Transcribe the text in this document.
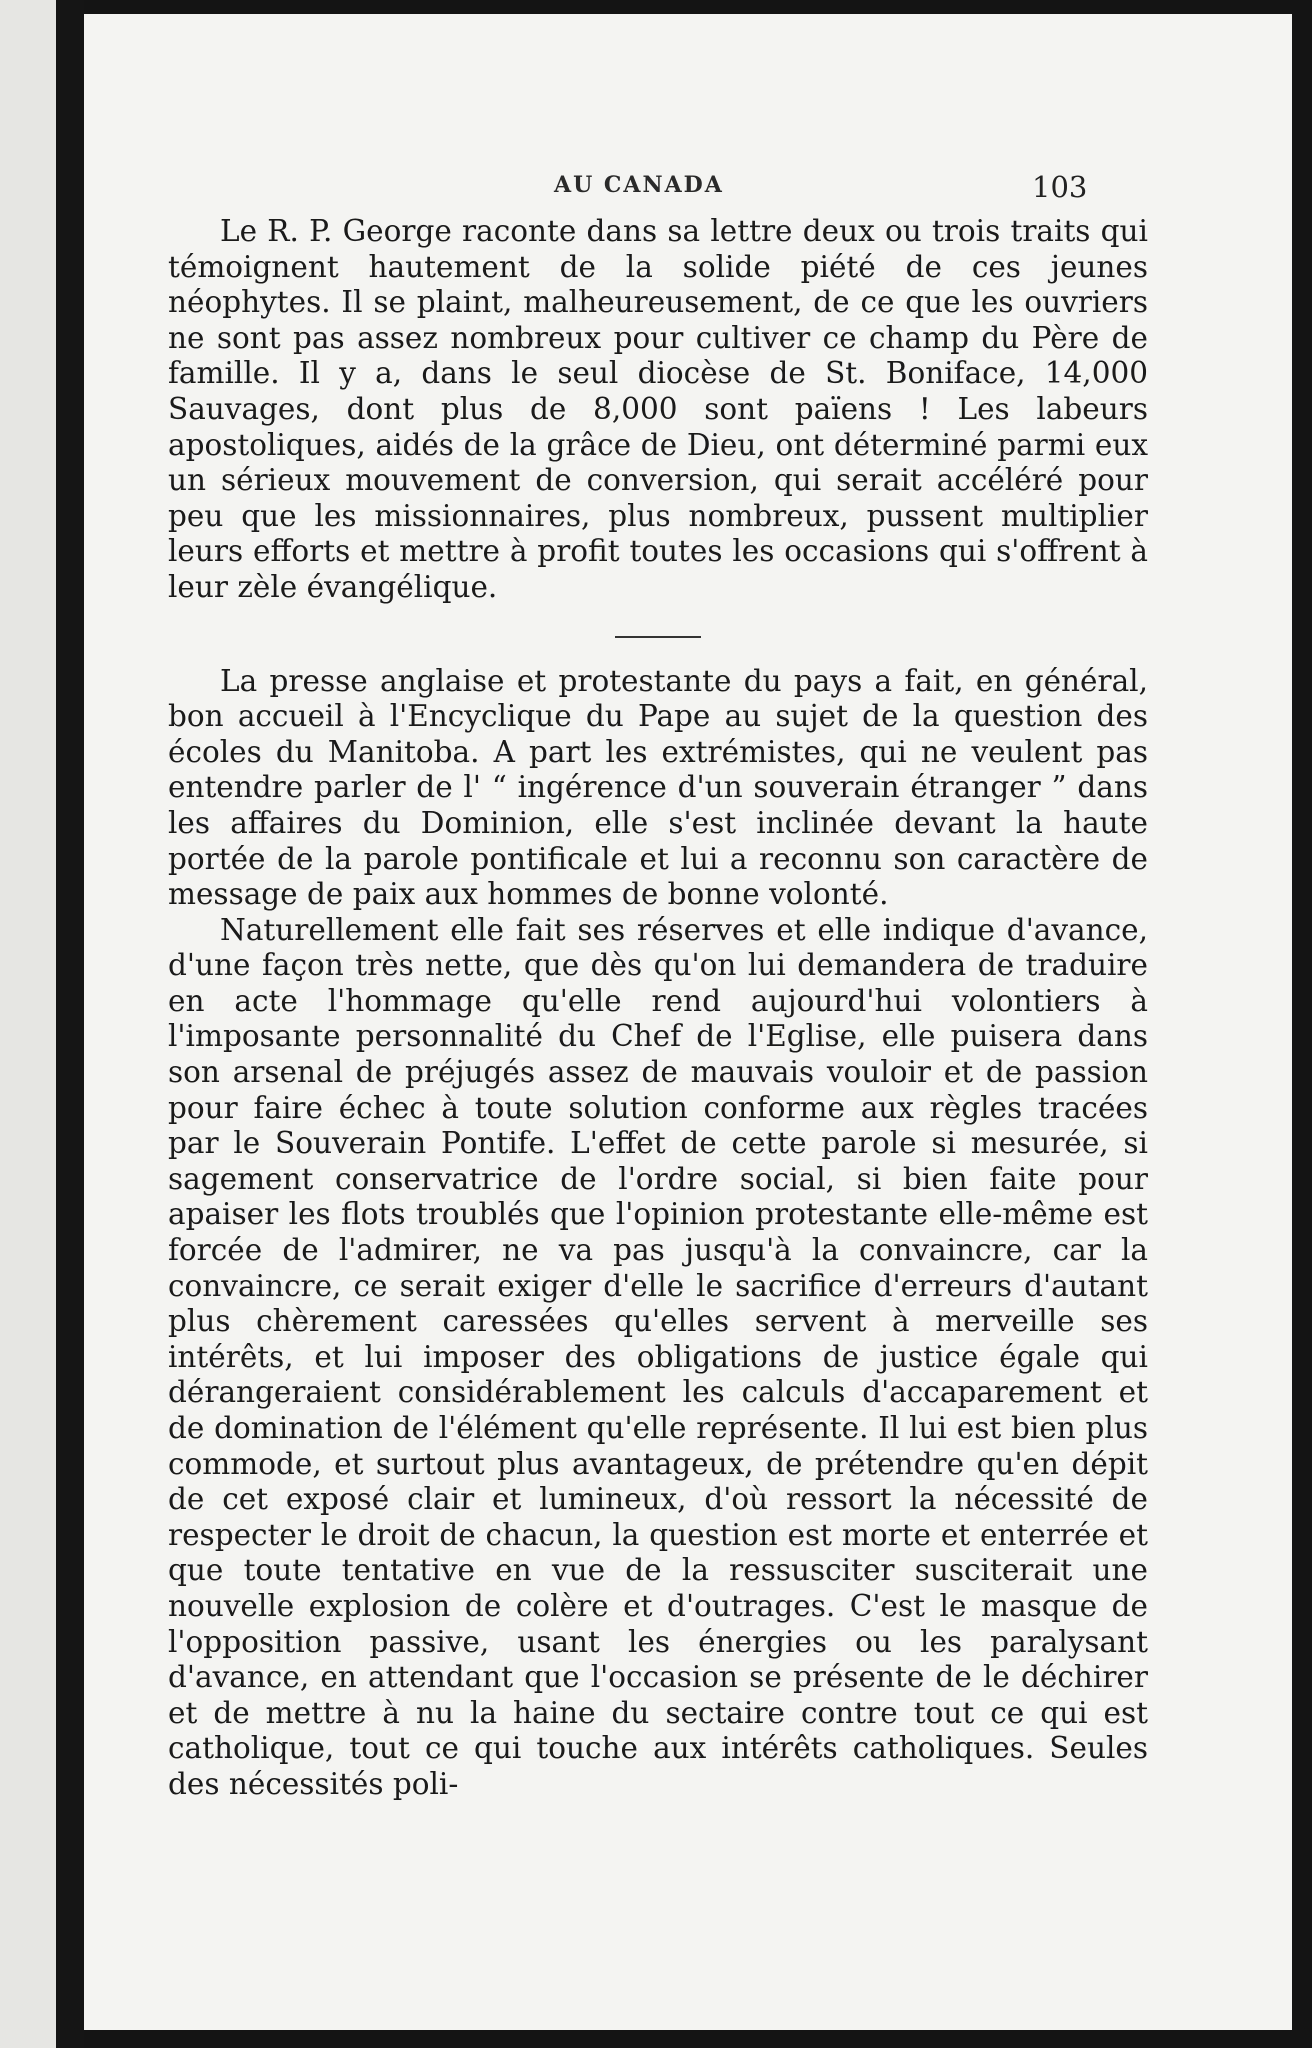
AU CANADA	103

Le R. P. George raconte dans sa lettre deux ou trois traits qui témoignent hautement de la solide piété de ces jeunes néophytes. Il se plaint, malheureusement, de ce que les ouvriers ne sont pas assez nombreux pour cultiver ce champ du Père de famille. Il y a, dans le seul diocèse de St. Boniface, 14,000 Sauvages, dont plus de 8,000 sont païens ! Les labeurs apostoliques, aidés de la grâce de Dieu, ont déterminé parmi eux un sérieux mouvement de conversion, qui serait accéléré pour peu que les missionnaires, plus nombreux, pussent multiplier leurs efforts et mettre à profit toutes les occasions qui s'offrent à leur zèle évangélique.

La presse anglaise et protestante du pays a fait, en général, bon accueil à l'Encyclique du Pape au sujet de la question des écoles du Manitoba. A part les extrémistes, qui ne veulent pas entendre parler de l' “ ingérence d'un souverain étranger ” dans les affaires du Dominion, elle s'est inclinée devant la haute portée de la parole pontificale et lui a reconnu son caractère de message de paix aux hommes de bonne volonté.

Naturellement elle fait ses réserves et elle indique d'avance, d'une façon très nette, que dès qu'on lui demandera de traduire en acte l'hommage qu'elle rend aujourd'hui volontiers à l'imposante personnalité du Chef de l'Eglise, elle puisera dans son arsenal de préjugés assez de mauvais vouloir et de passion pour faire échec à toute solution conforme aux règles tracées par le Souverain Pontife. L'effet de cette parole si mesurée, si sagement conservatrice de l'ordre social, si bien faite pour apaiser les flots troublés que l'opinion protestante elle-même est forcée de l'admirer, ne va pas jusqu'à la convaincre, car la convaincre, ce serait exiger d'elle le sacrifice d'erreurs d'autant plus chèrement caressées qu'elles servent à merveille ses intérêts, et lui imposer des obligations de justice égale qui dérangeraient considérablement les calculs d'accaparement et de domination de l'élément qu'elle représente. Il lui est bien plus commode, et surtout plus avantageux, de prétendre qu'en dépit de cet exposé clair et lumineux, d'où ressort la nécessité de respecter le droit de chacun, la question est morte et enterrée et que toute tentative en vue de la ressusciter susciterait une nouvelle explosion de colère et d'outrages. C'est le masque de l'opposition passive, usant les énergies ou les paralysant d'avance, en attendant que l'occasion se présente de le déchirer et de mettre à nu la haine du sectaire contre tout ce qui est catholique, tout ce qui touche aux intérêts catholiques. Seules des nécessités poli-
